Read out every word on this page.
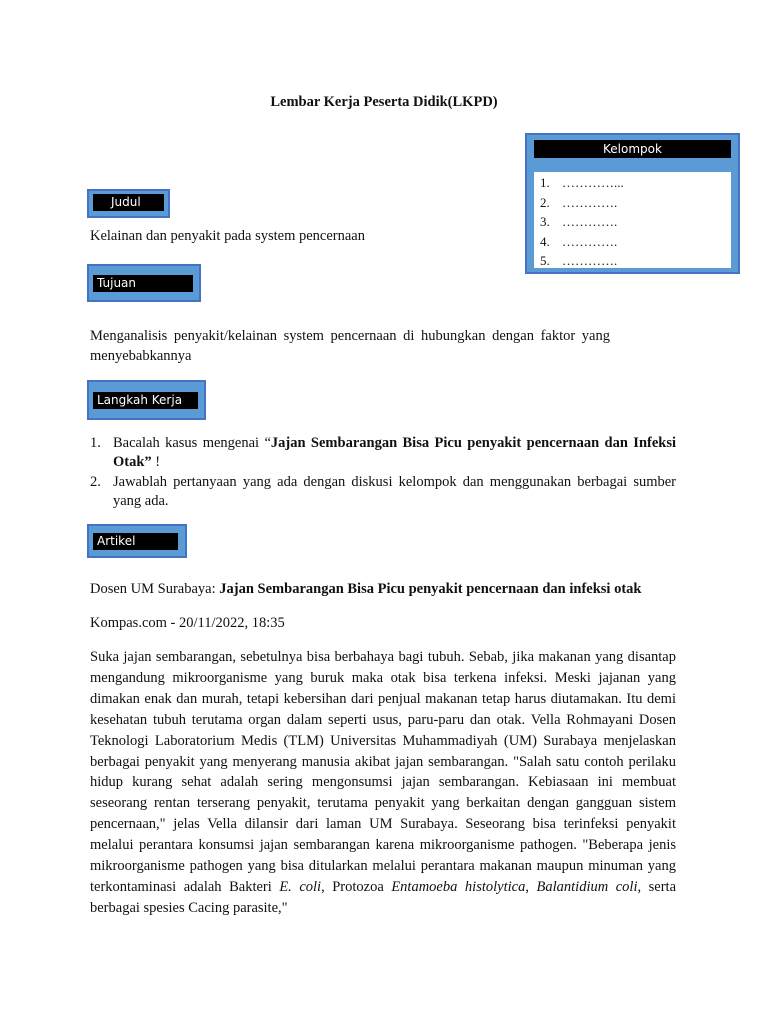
Lembar Kerja Peserta Didik(LKPD)
Kelompok
1. …………...
2. ………….
3. ………….
4. ………….
5. ………….
Judul
Kelainan dan penyakit pada system pencernaan
Tujuan
Menganalisis penyakit/kelainan system pencernaan di hubungkan dengan faktor yang menyebabkannya
Langkah Kerja
1. Bacalah kasus mengenai “Jajan Sembarangan Bisa Picu penyakit pencernaan dan Infeksi Otak” !
2. Jawablah pertanyaan yang ada dengan diskusi kelompok dan menggunakan berbagai sumber yang ada.
Artikel
Dosen UM Surabaya: Jajan Sembarangan Bisa Picu penyakit pencernaan dan infeksi otak
Kompas.com - 20/11/2022, 18:35
Suka jajan sembarangan, sebetulnya bisa berbahaya bagi tubuh. Sebab, jika makanan yang disantap mengandung mikroorganisme yang buruk maka otak bisa terkena infeksi. Meski jajanan yang dimakan enak dan murah, tetapi kebersihan dari penjual makanan tetap harus diutamakan. Itu demi kesehatan tubuh terutama organ dalam seperti usus, paru-paru dan otak. Vella Rohmayani Dosen Teknologi Laboratorium Medis (TLM) Universitas Muhammadiyah (UM) Surabaya menjelaskan berbagai penyakit yang menyerang manusia akibat jajan sembarangan. "Salah satu contoh perilaku hidup kurang sehat adalah sering mengonsumsi jajan sembarangan. Kebiasaan ini membuat seseorang rentan terserang penyakit, terutama penyakit yang berkaitan dengan gangguan sistem pencernaan," jelas Vella dilansir dari laman UM Surabaya. Seseorang bisa terinfeksi penyakit melalui perantara konsumsi jajan sembarangan karena mikroorganisme pathogen. "Beberapa jenis mikroorganisme pathogen yang bisa ditularkan melalui perantara makanan maupun minuman yang terkontaminasi adalah Bakteri E. coli, Protozoa Entamoeba histolytica, Balantidium coli, serta berbagai spesies Cacing parasite,"
